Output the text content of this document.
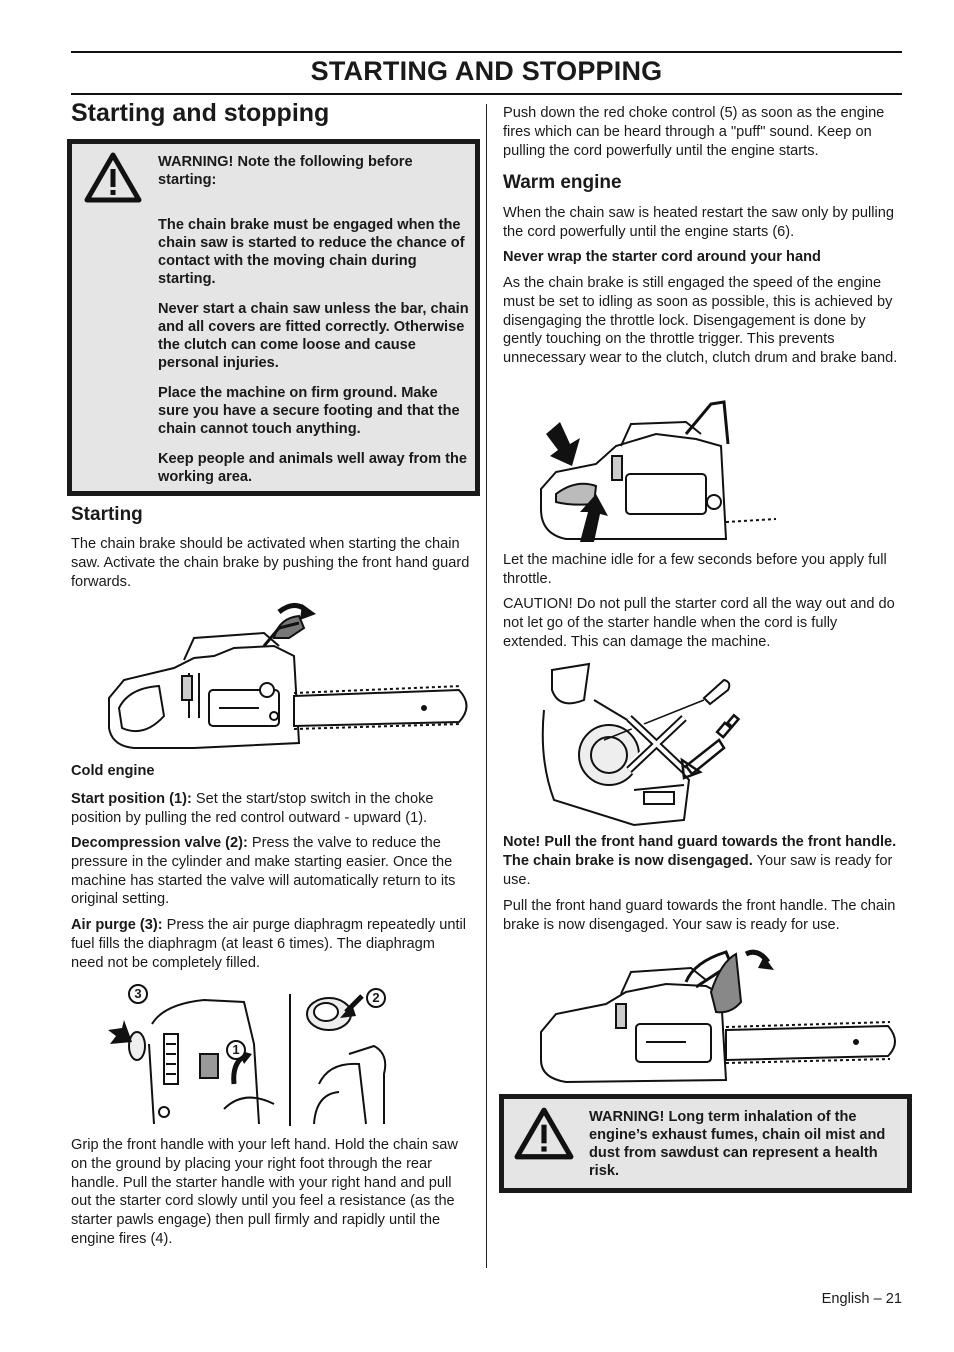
STARTING AND STOPPING
Starting and stopping

WARNING! Note the following before starting:

The chain brake must be engaged when the chain saw is started to reduce the chance of contact with the moving chain during starting.

Never start a chain saw unless the bar, chain and all covers are fitted correctly. Otherwise the clutch can come loose and cause personal injuries.

Place the machine on firm ground. Make sure you have a secure footing and that the chain cannot touch anything.

Keep people and animals well away from the working area.

Starting

The chain brake should be activated when starting the chain saw. Activate the chain brake by pushing the front hand guard forwards.

Cold engine

Start position (1): Set the start/stop switch in the choke position by pulling the red control outward - upward (1).

Decompression valve (2): Press the valve to reduce the pressure in the cylinder and make starting easier. Once the machine has started the valve will automatically return to its original setting.

Air purge (3): Press the air purge diaphragm repeatedly until fuel fills the diaphragm (at least 6 times). The diaphragm need not be completely filled.

3	2
1

Grip the front handle with your left hand. Hold the chain saw on the ground by placing your right foot through the rear handle. Pull the starter handle with your right hand and pull out the starter cord slowly until you feel a resistance (as the starter pawls engage) then pull firmly and rapidly until the engine fires (4).

Push down the red choke control (5) as soon as the engine fires which can be heard through a "puff" sound. Keep on pulling the cord powerfully until the engine starts.

Warm engine

When the chain saw is heated restart the saw only by pulling the cord powerfully until the engine starts (6).

Never wrap the starter cord around your hand

As the chain brake is still engaged the speed of the engine must be set to idling as soon as possible, this is achieved by disengaging the throttle lock. Disengagement is done by gently touching on the throttle trigger. This prevents unnecessary wear to the clutch, clutch drum and brake band.

Let the machine idle for a few seconds before you apply full throttle.

CAUTION! Do not pull the starter cord all the way out and do not let go of the starter handle when the cord is fully extended. This can damage the machine.

Note! Pull the front hand guard towards the front handle. The chain brake is now disengaged. Your saw is ready for use.

Pull the front hand guard towards the front handle. The chain brake is now disengaged. Your saw is ready for use.

WARNING! Long term inhalation of the engine’s exhaust fumes, chain oil mist and dust from sawdust can represent a health risk.

English – 21
